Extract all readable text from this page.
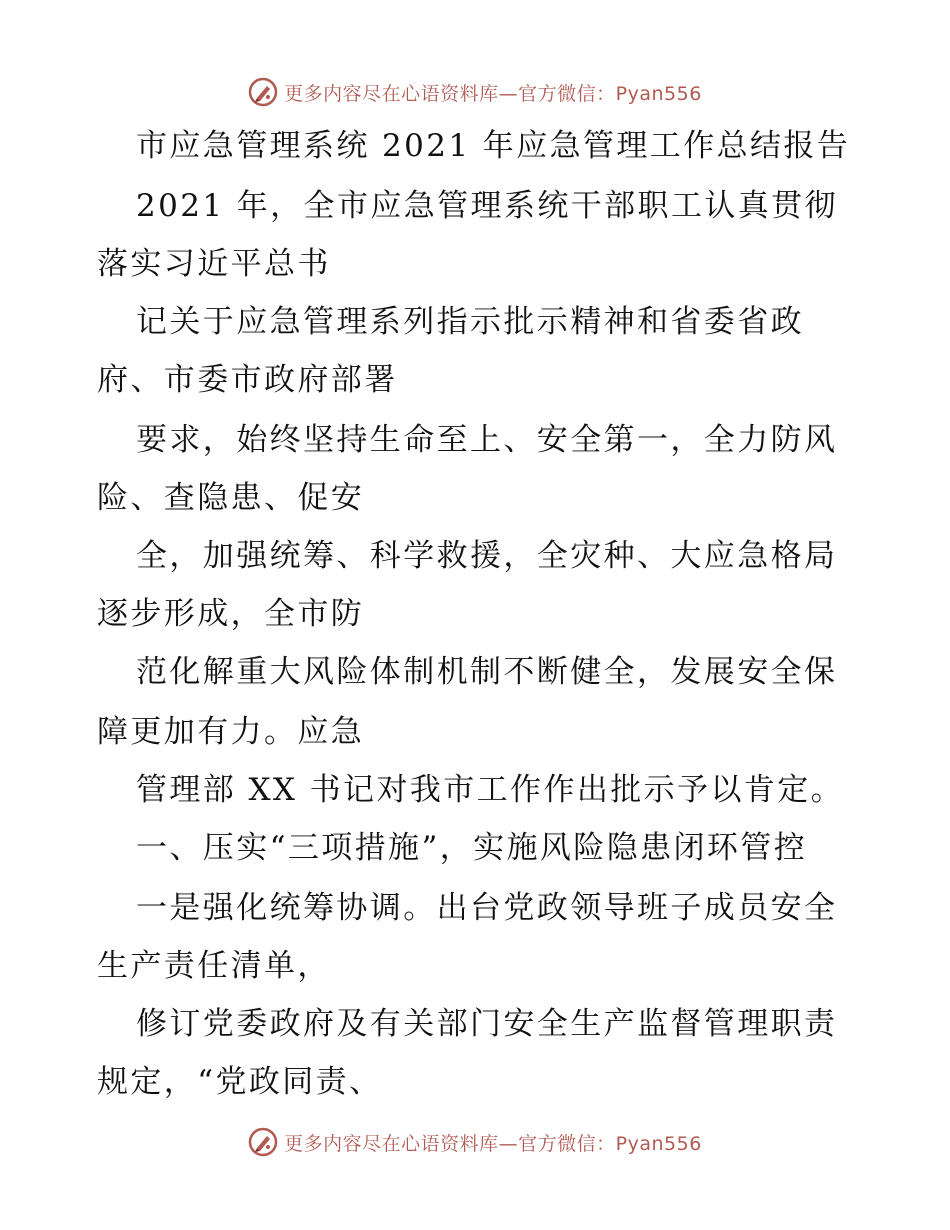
更多内容尽在心语资料库—官方微信：Pyan556
市应急管理系统 2021 年应急管理工作总结报告
2021 年，全市应急管理系统干部职工认真贯彻
落实习近平总书
记关于应急管理系列指示批示精神和省委省政
府、市委市政府部署
要求，始终坚持生命至上、安全第一，全力防风
险、查隐患、促安
全，加强统筹、科学救援，全灾种、大应急格局
逐步形成，全市防
范化解重大风险体制机制不断健全，发展安全保
障更加有力。应急
管理部 XX 书记对我市工作作出批示予以肯定。
一、压实“三项措施”，实施风险隐患闭环管控
一是强化统筹协调。出台党政领导班子成员安全
生产责任清单，
修订党委政府及有关部门安全生产监督管理职责
规定，“党政同责、
更多内容尽在心语资料库—官方微信：Pyan556
